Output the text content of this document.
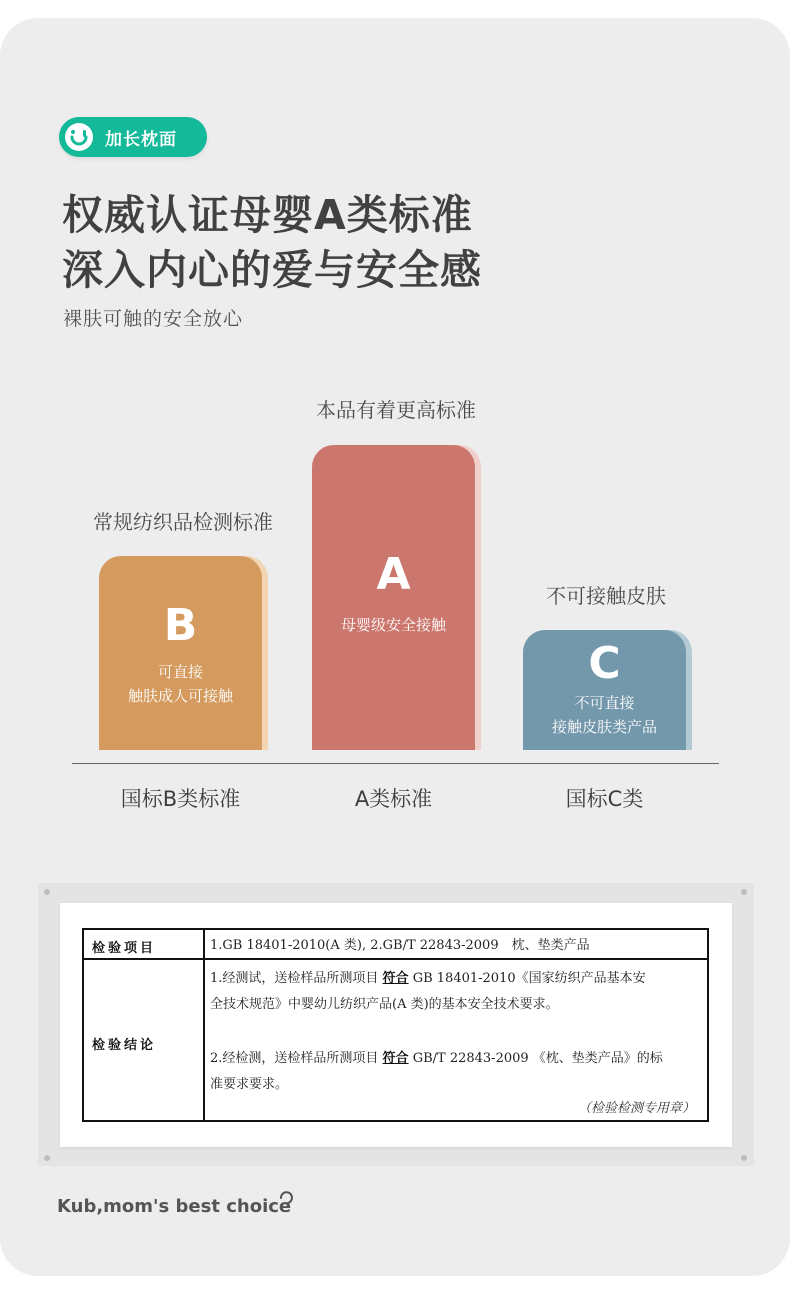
加长枕面
权威认证母婴A类标准
深入内心的爱与安全感
裸肤可触的安全放心
本品有着更高标准
常规纺织品检测标准
不可接触皮肤
B
可直接
触肤成人可接触
A
母婴级安全接触
C
不可直接
接触皮肤类产品
国标B类标准	A类标准	国标C类
检验项目	1.GB 18401-2010(A 类), 2.GB/T 22843-2009　枕、垫类产品
检验结论
1.经测试，送检样品所测项目 符合 GB 18401-2010《国家纺织产品基本安
全技术规范》中婴幼儿纺织产品(A 类)的基本安全技术要求。
2.经检测，送检样品所测项目 符合 GB/T 22843-2009 《枕、垫类产品》的标
准要求要求。
（检验检测专用章）
Kub,mom's best choice
